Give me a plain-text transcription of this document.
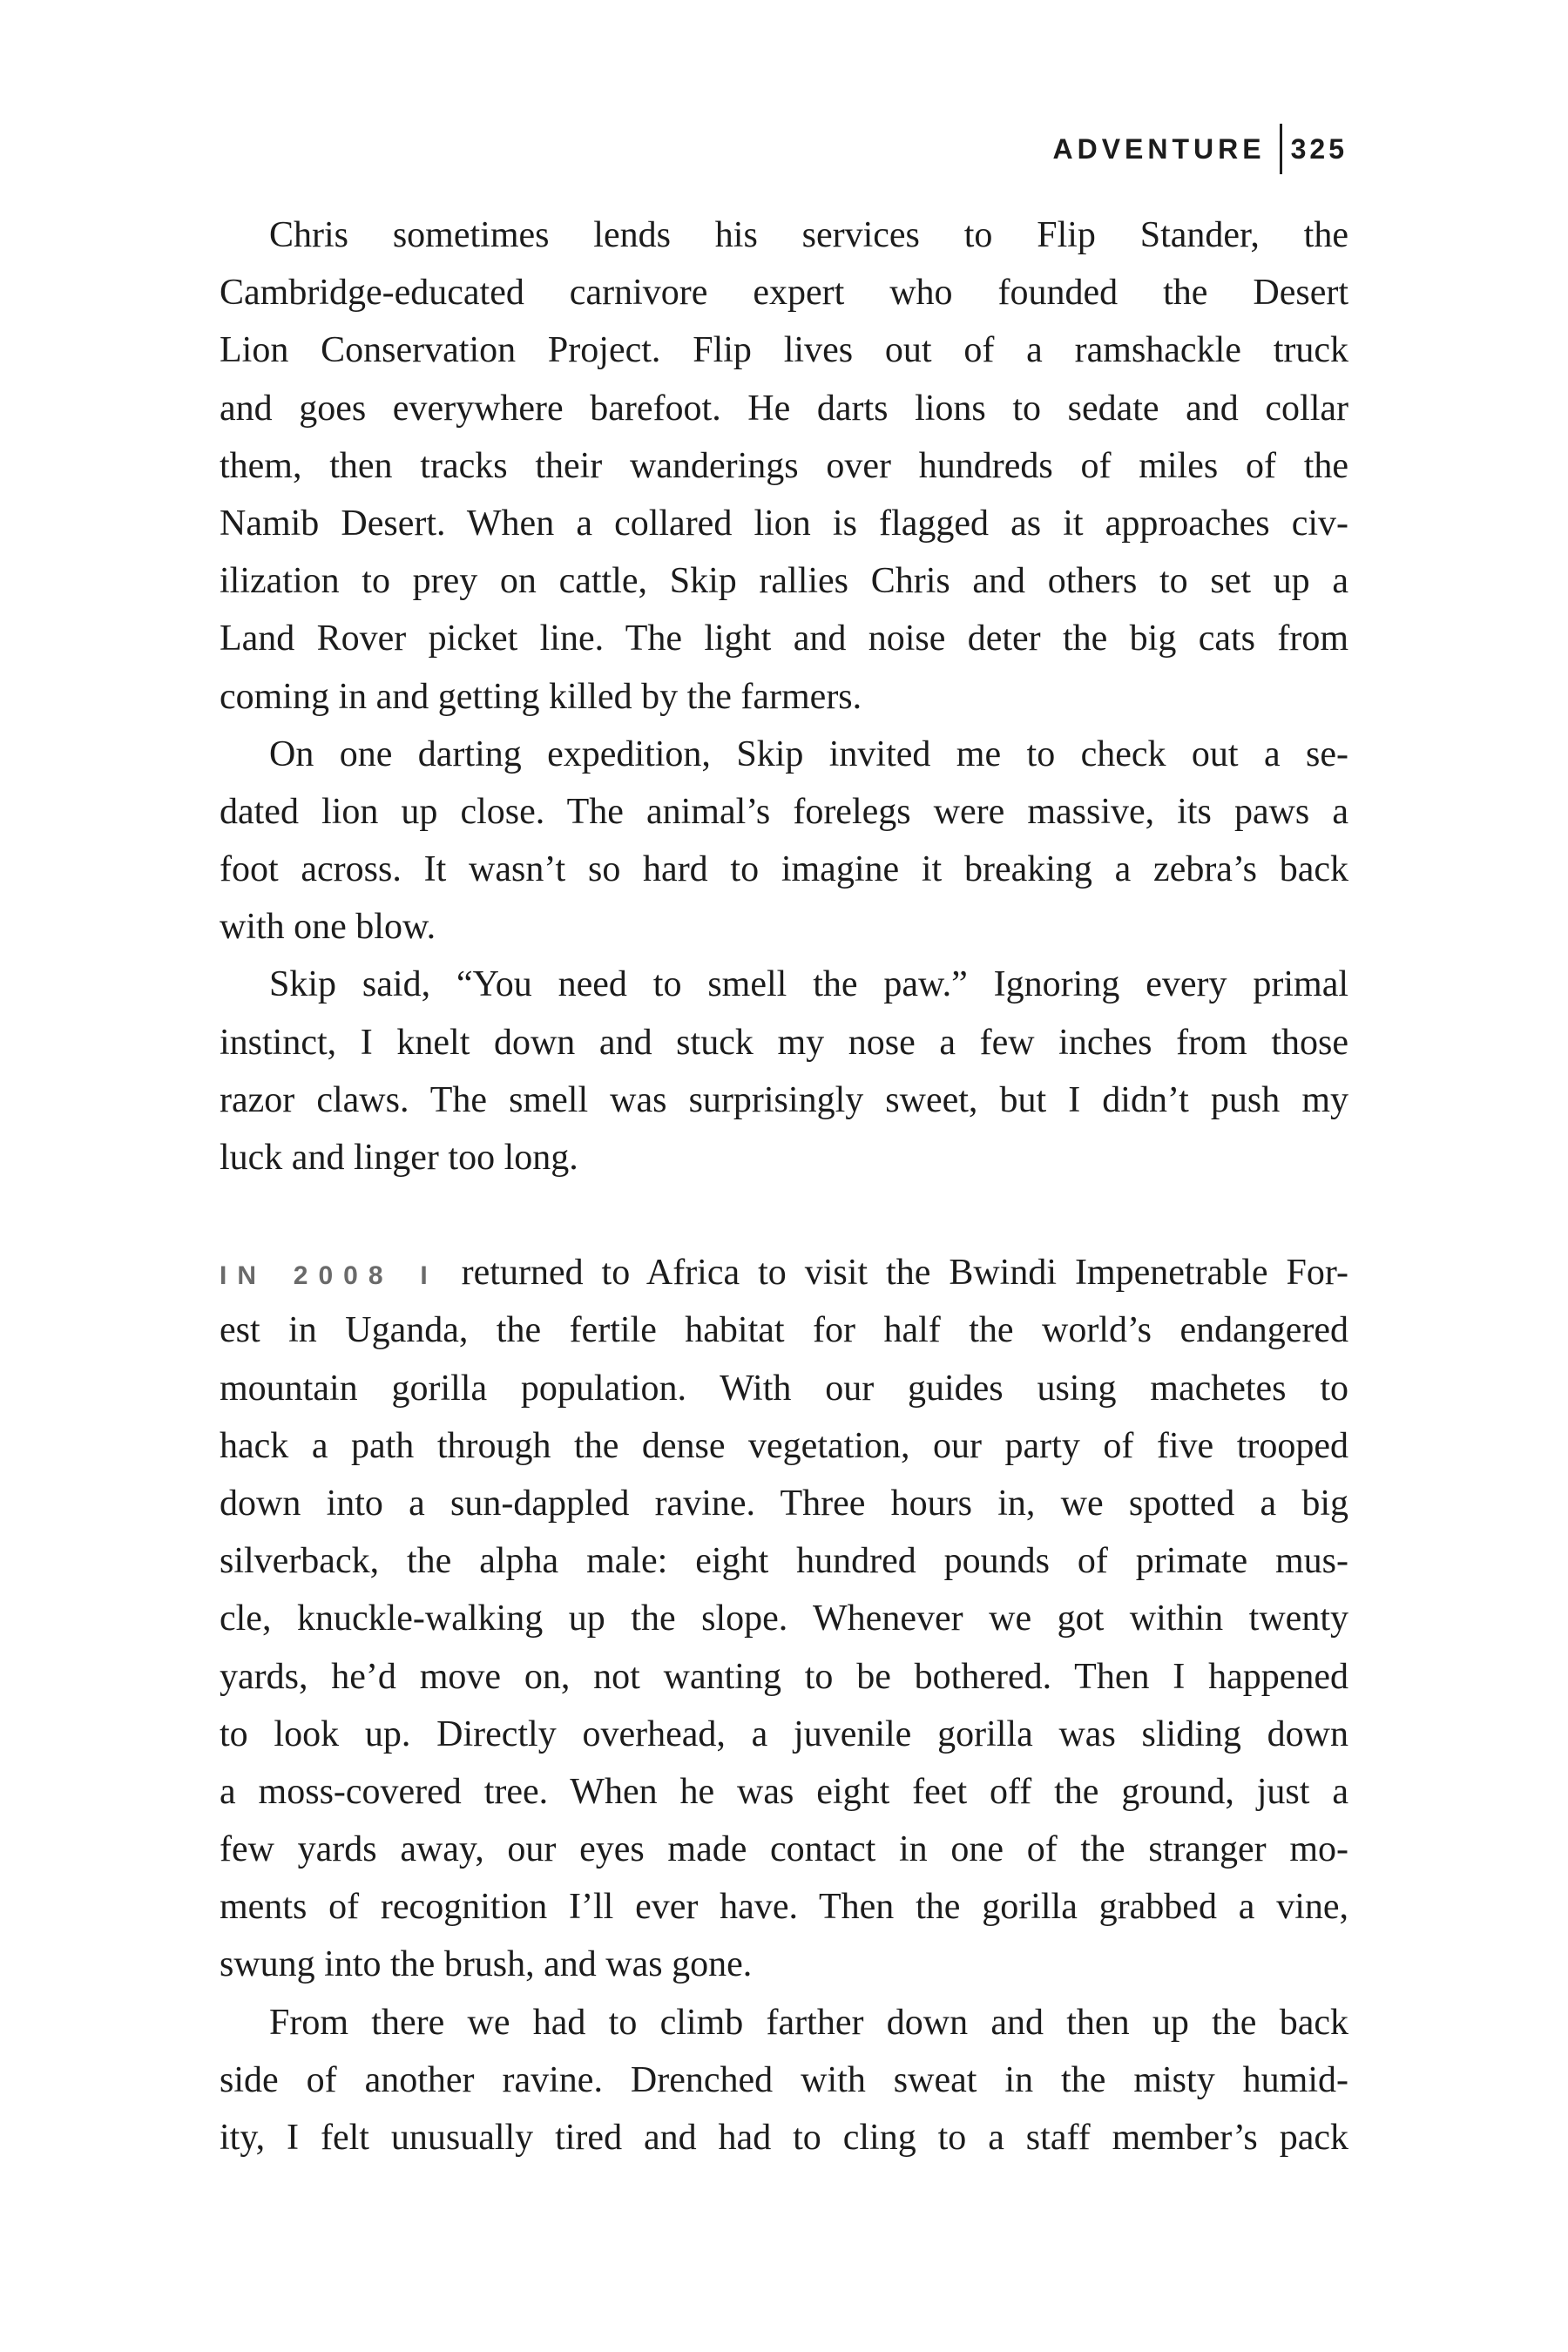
ADVENTURE 325
Chris sometimes lends his services to Flip Stander, the
Cambridge-educated carnivore expert who founded the Desert
Lion Conservation Project. Flip lives out of a ramshackle truck
and goes everywhere barefoot. He darts lions to sedate and collar
them, then tracks their wanderings over hundreds of miles of the
Namib Desert. When a collared lion is flagged as it approaches civ-
ilization to prey on cattle, Skip rallies Chris and others to set up a
Land Rover picket line. The light and noise deter the big cats from
coming in and getting killed by the farmers.
On one darting expedition, Skip invited me to check out a se-
dated lion up close. The animal’s forelegs were massive, its paws a
foot across. It wasn’t so hard to imagine it breaking a zebra’s back
with one blow.
Skip said, “You need to smell the paw.” Ignoring every primal
instinct, I knelt down and stuck my nose a few inches from those
razor claws. The smell was surprisingly sweet, but I didn’t push my
luck and linger too long.
IN 2008 I returned to Africa to visit the Bwindi Impenetrable For-
est in Uganda, the fertile habitat for half the world’s endangered
mountain gorilla population. With our guides using machetes to
hack a path through the dense vegetation, our party of five trooped
down into a sun-dappled ravine. Three hours in, we spotted a big
silverback, the alpha male: eight hundred pounds of primate mus-
cle, knuckle-walking up the slope. Whenever we got within twenty
yards, he’d move on, not wanting to be bothered. Then I happened
to look up. Directly overhead, a juvenile gorilla was sliding down
a moss-covered tree. When he was eight feet off the ground, just a
few yards away, our eyes made contact in one of the stranger mo-
ments of recognition I’ll ever have. Then the gorilla grabbed a vine,
swung into the brush, and was gone.
From there we had to climb farther down and then up the back
side of another ravine. Drenched with sweat in the misty humid-
ity, I felt unusually tired and had to cling to a staff member’s pack
